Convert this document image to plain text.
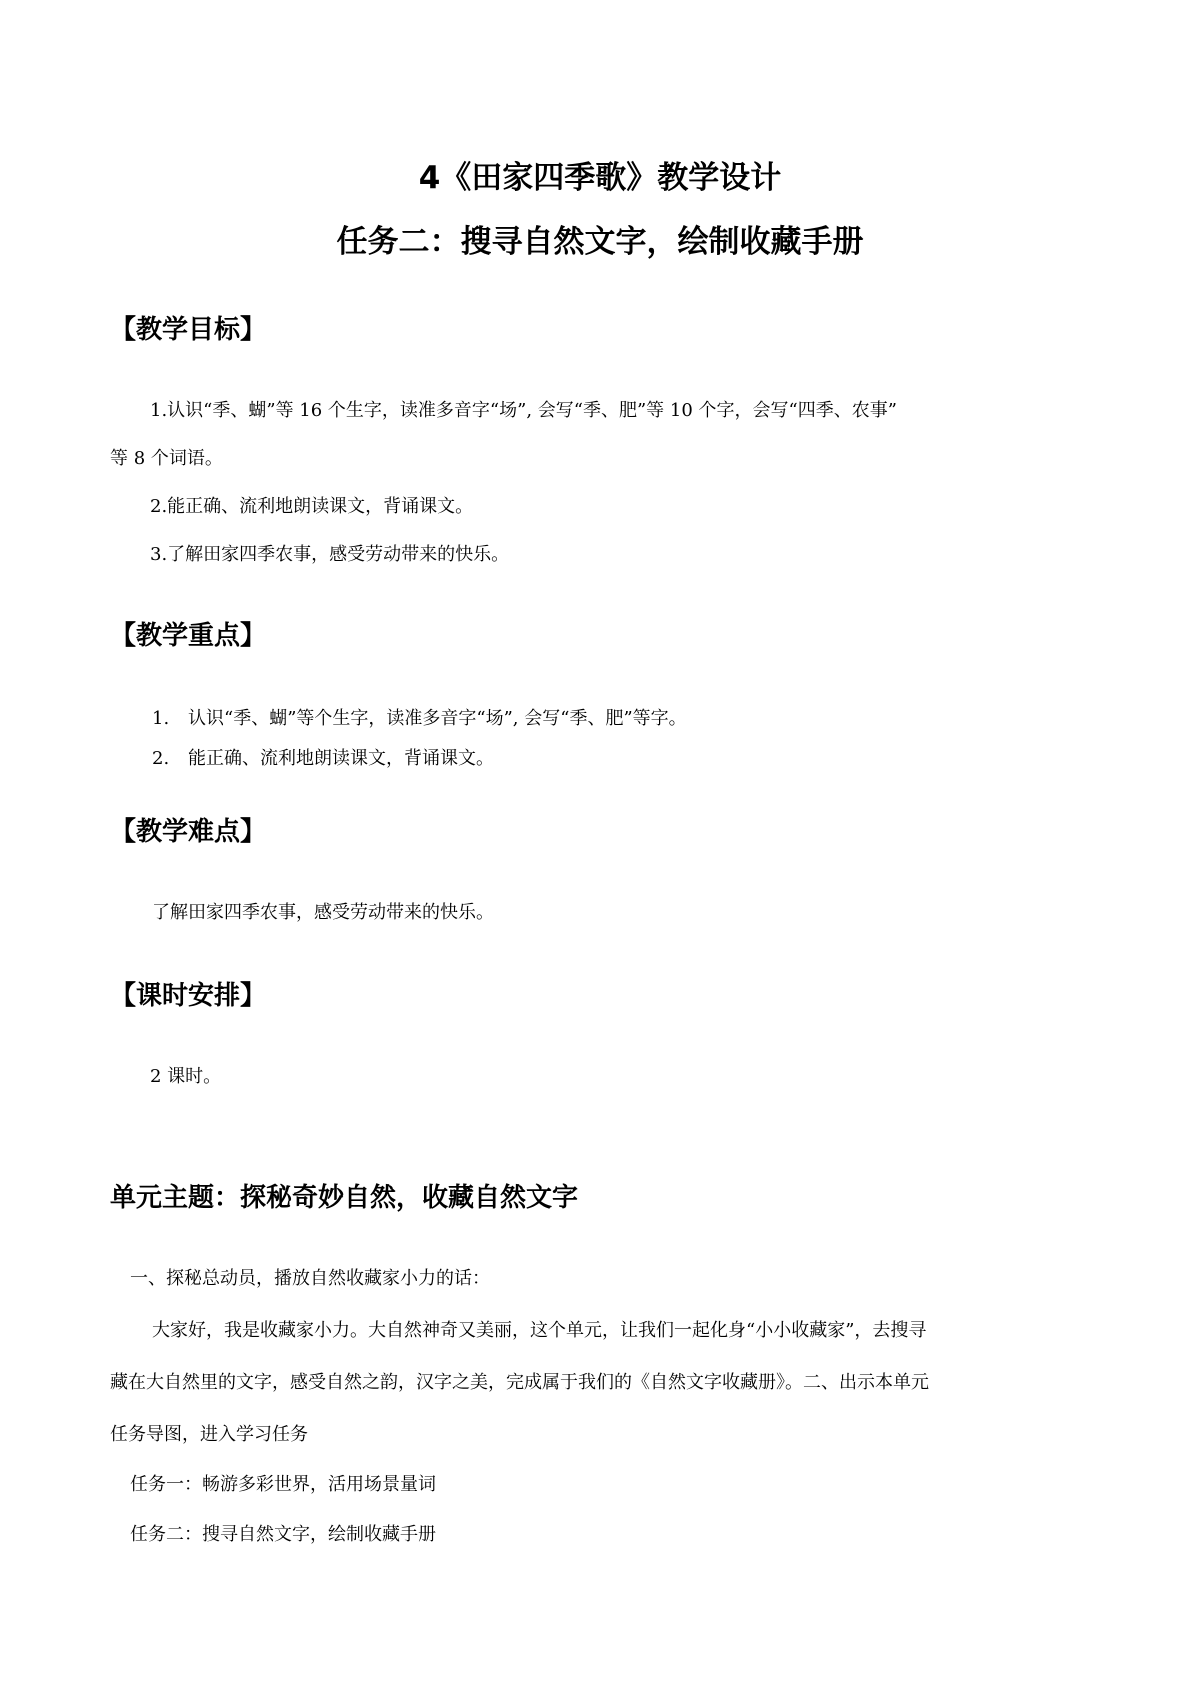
4《田家四季歌》教学设计
任务二：搜寻自然文字，绘制收藏手册
【教学目标】

1.认识“季、蝴”等 16 个生字，读准多音字“场”, 会写“季、肥”等 10 个字，会写“四季、农事”

等 8 个词语。

2.能正确、流利地朗读课文，背诵课文。

3.了解田家四季农事，感受劳动带来的快乐。

【教学重点】

1. 认识“季、蝴”等个生字，读准多音字“场”, 会写“季、肥”等字。

2. 能正确、流利地朗读课文，背诵课文。

【教学难点】

了解田家四季农事，感受劳动带来的快乐。

【课时安排】

2 课时。

单元主题：探秘奇妙自然，收藏自然文字

一、探秘总动员，播放自然收藏家小力的话：

大家好，我是收藏家小力。大自然神奇又美丽，这个单元，让我们一起化身“小小收藏家”，去搜寻

藏在大自然里的文字，感受自然之韵，汉字之美，完成属于我们的《自然文字收藏册》。二、出示本单元

任务导图，进入学习任务

任务一：畅游多彩世界，活用场景量词

任务二：搜寻自然文字，绘制收藏手册
